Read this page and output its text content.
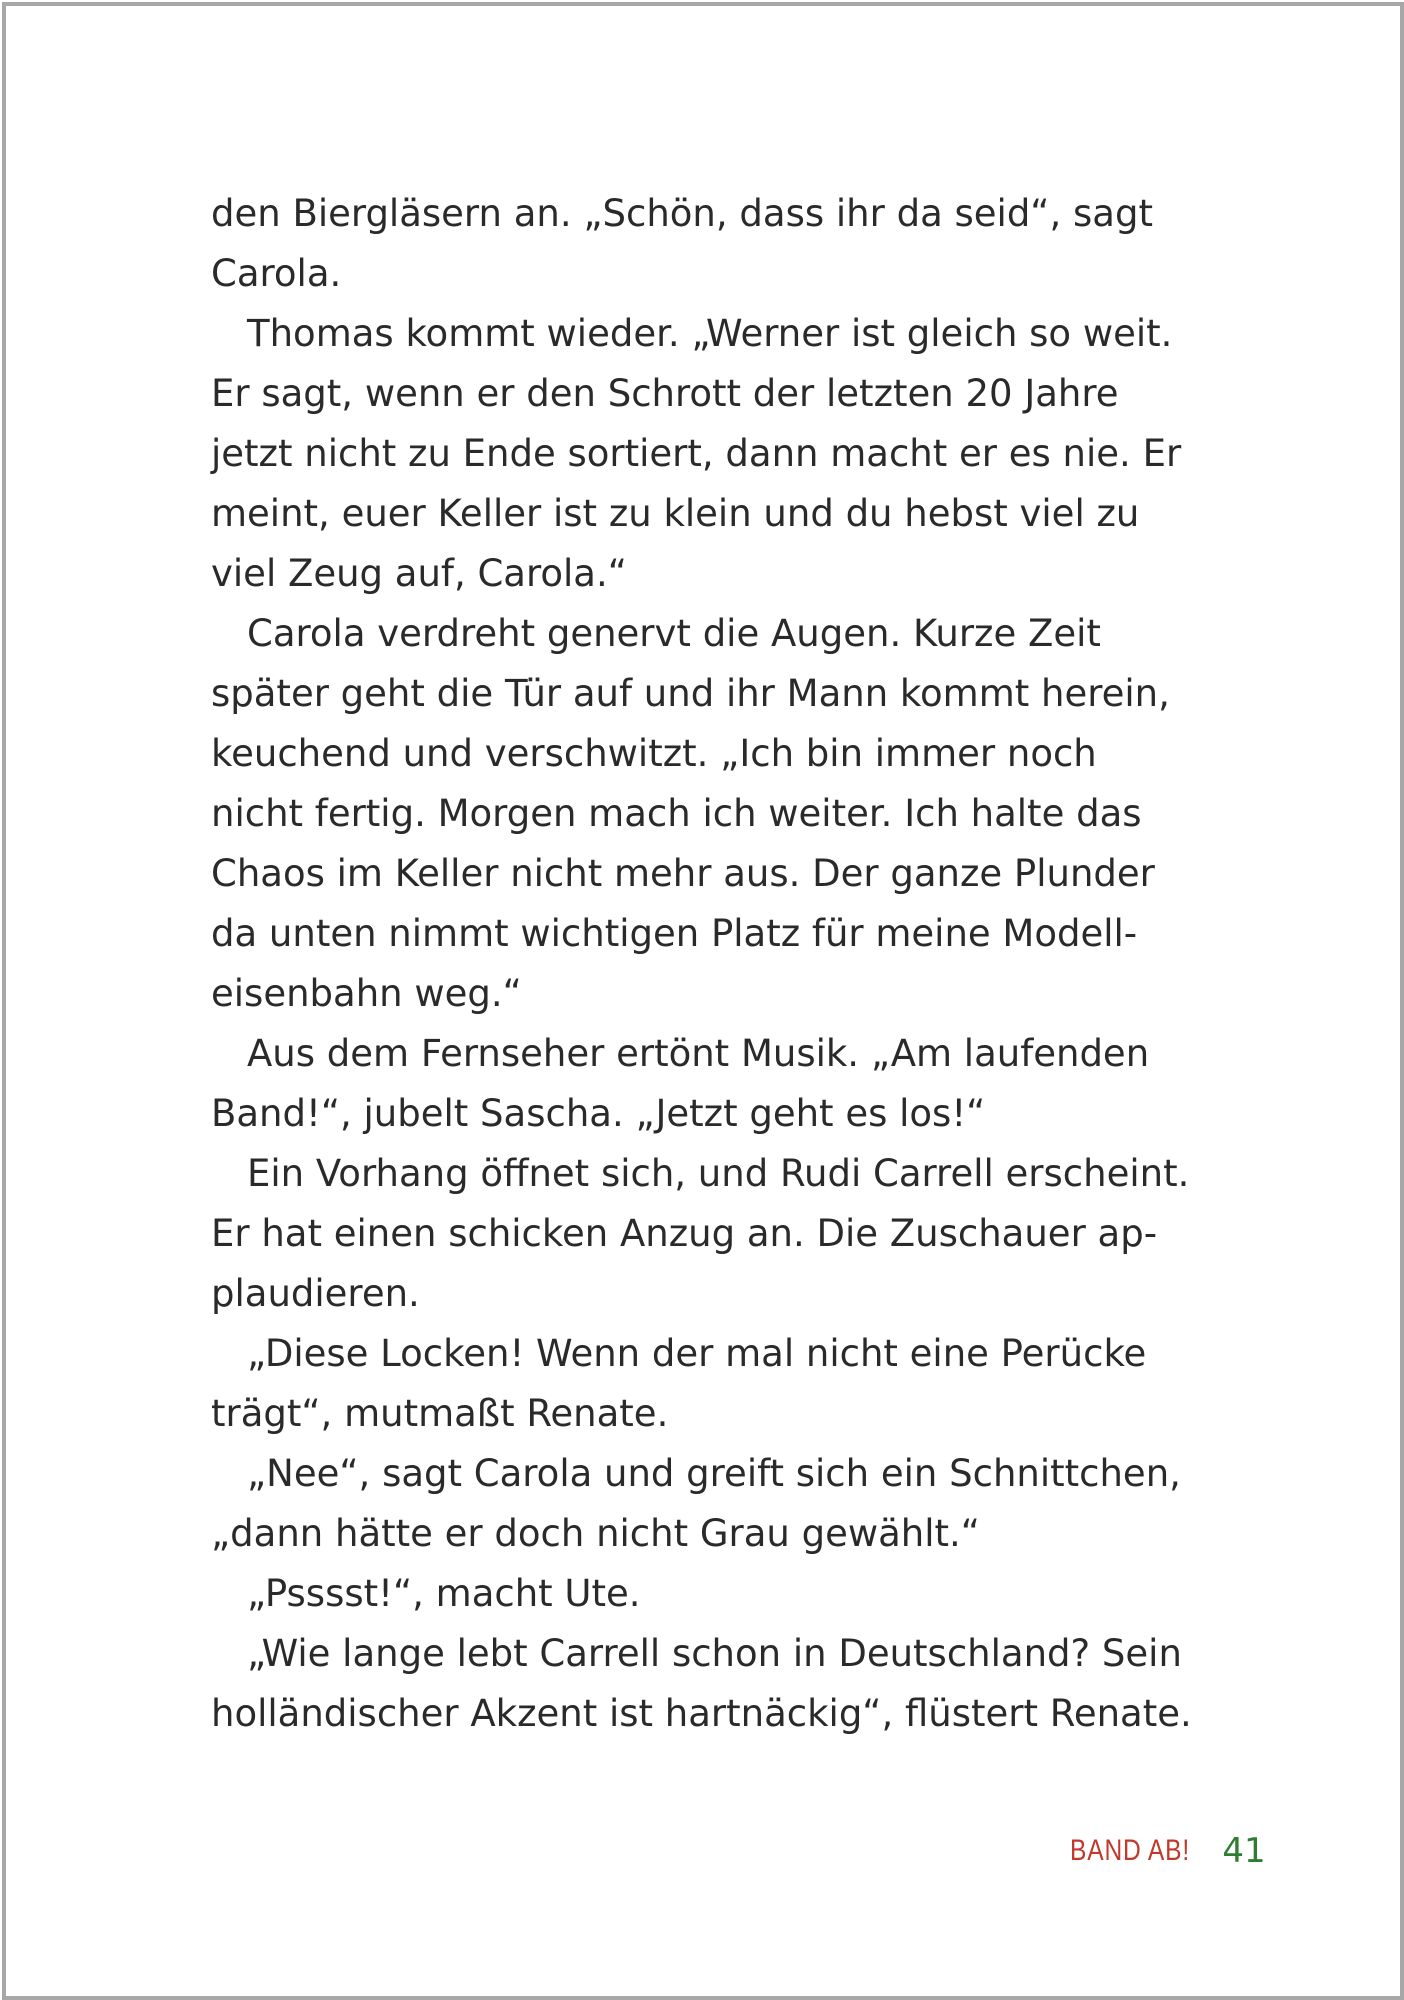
den Biergläsern an. „Schön, dass ihr da seid“, sagt
Carola.
Thomas kommt wieder. „Werner ist gleich so weit.
Er sagt, wenn er den Schrott der letzten 20 Jahre
jetzt nicht zu Ende sortiert, dann macht er es nie. Er
meint, euer Keller ist zu klein und du hebst viel zu
viel Zeug auf, Carola.“
Carola verdreht genervt die Augen. Kurze Zeit
später geht die Tür auf und ihr Mann kommt herein,
keuchend und verschwitzt. „Ich bin immer noch
nicht fertig. Morgen mach ich weiter. Ich halte das
Chaos im Keller nicht mehr aus. Der ganze Plunder
da unten nimmt wichtigen Platz für meine Modell-
eisenbahn weg.“
Aus dem Fernseher ertönt Musik. „Am laufenden
Band!“, jubelt Sascha. „Jetzt geht es los!“
Ein Vorhang öffnet sich, und Rudi Carrell erscheint.
Er hat einen schicken Anzug an. Die Zuschauer ap-
plaudieren.
„Diese Locken! Wenn der mal nicht eine Perücke
trägt“, mutmaßt Renate.
„Nee“, sagt Carola und greift sich ein Schnittchen,
„dann hätte er doch nicht Grau gewählt.“
„Psssst!“, macht Ute.
„Wie lange lebt Carrell schon in Deutschland? Sein
holländischer Akzent ist hartnäckig“, flüstert Renate.
BAND AB! 41
